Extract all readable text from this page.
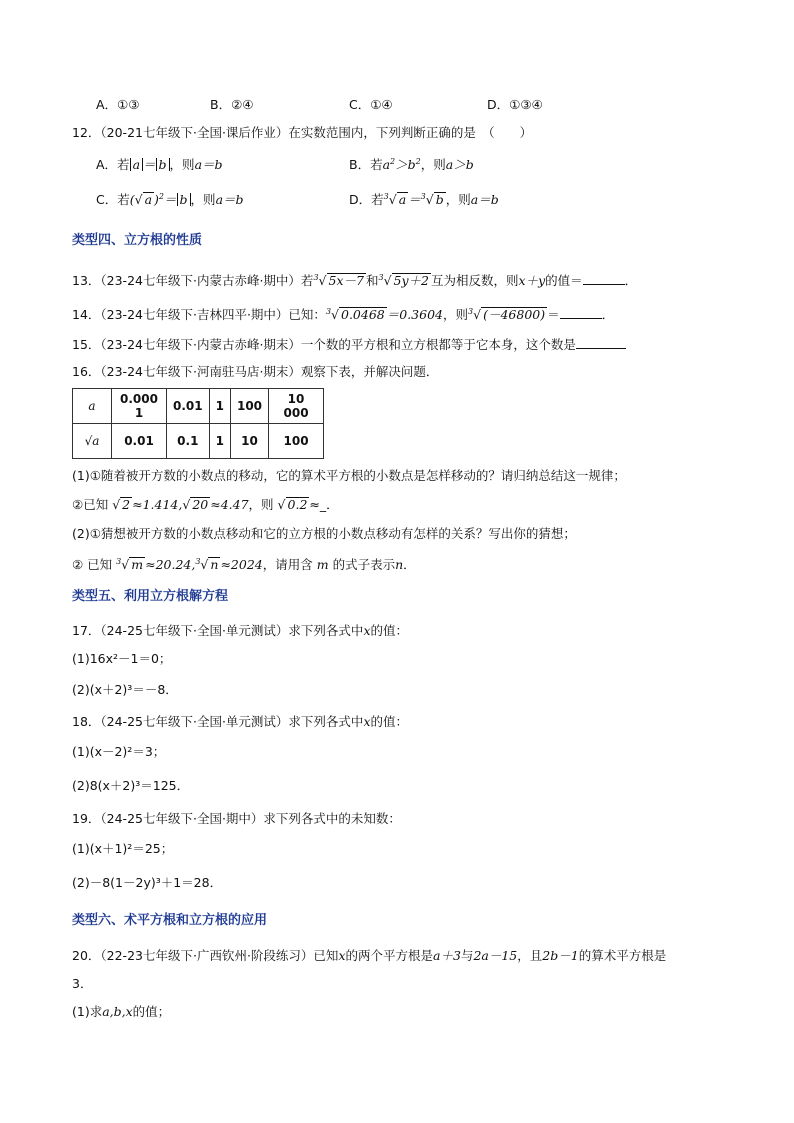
A．①③	B．②④	C．①④	D．①③④
12．（20-21七年级下·全国·课后作业）在实数范围内，下列判断正确的是　（　　）
A．若 a ＝ b ，则a＝b	B．若$a^2>b^2$，则a＞b
C．若(√ a )$^2$＝ b ，则a＝b	D．若$^3$√ a ＝$^3$√ b ，则a＝b
类型四、立方根的性质
13．（23-24七年级下·内蒙古赤峰·期中）若$^3$√ 5x－7 和$^3$√ 5y＋2 互为相反数，则x＋y的值＝	．
14．（23-24七年级下·吉林四平·期中）已知：$^3$√ 0.0468 ＝0.3604，则$^3$√ (－46800) ＝	．
15．（23-24七年级下·内蒙古赤峰·期末）一个数的平方根和立方根都等于它本身，这个数是
16．（23-24七年级下·河南驻马店·期末）观察下表，并解决问题．
a	0.000 1	0.01	1	100	10 000
√a	0.01	0.1	1	10	100
(1)①随着被开方数的小数点的移动，它的算术平方根的小数点是怎样移动的？请归纳总结这一规律；
②已知 √ 2 ≈1.414,√ 20 ≈4.47，则 √ 0.2 ≈_．
(2)①猜想被开方数的小数点移动和它的立方根的小数点移动有怎样的关系？写出你的猜想；
② 已知 $^3$√ m ≈20.24,$^3$√ n ≈2024，请用含 m 的式子表示n．
类型五、利用立方根解方程
17．（24-25七年级下·全国·单元测试）求下列各式中x的值：
(1)16x²－1＝0；
(2)(x＋2)³＝－8．
18．（24-25七年级下·全国·单元测试）求下列各式中x的值：
(1)(x－2)²＝3；
(2)8(x＋2)³＝125．
19．（24-25七年级下·全国·期中）求下列各式中的未知数：
(1)(x＋1)²＝25；
(2)－8(1－2y)³＋1＝28．
类型六、术平方根和立方根的应用
20．（22-23七年级下·广西钦州·阶段练习）已知x的两个平方根是a＋3与2a－15，且2b－1的算术平方根是
3．
(1)求a,b,x的值；
